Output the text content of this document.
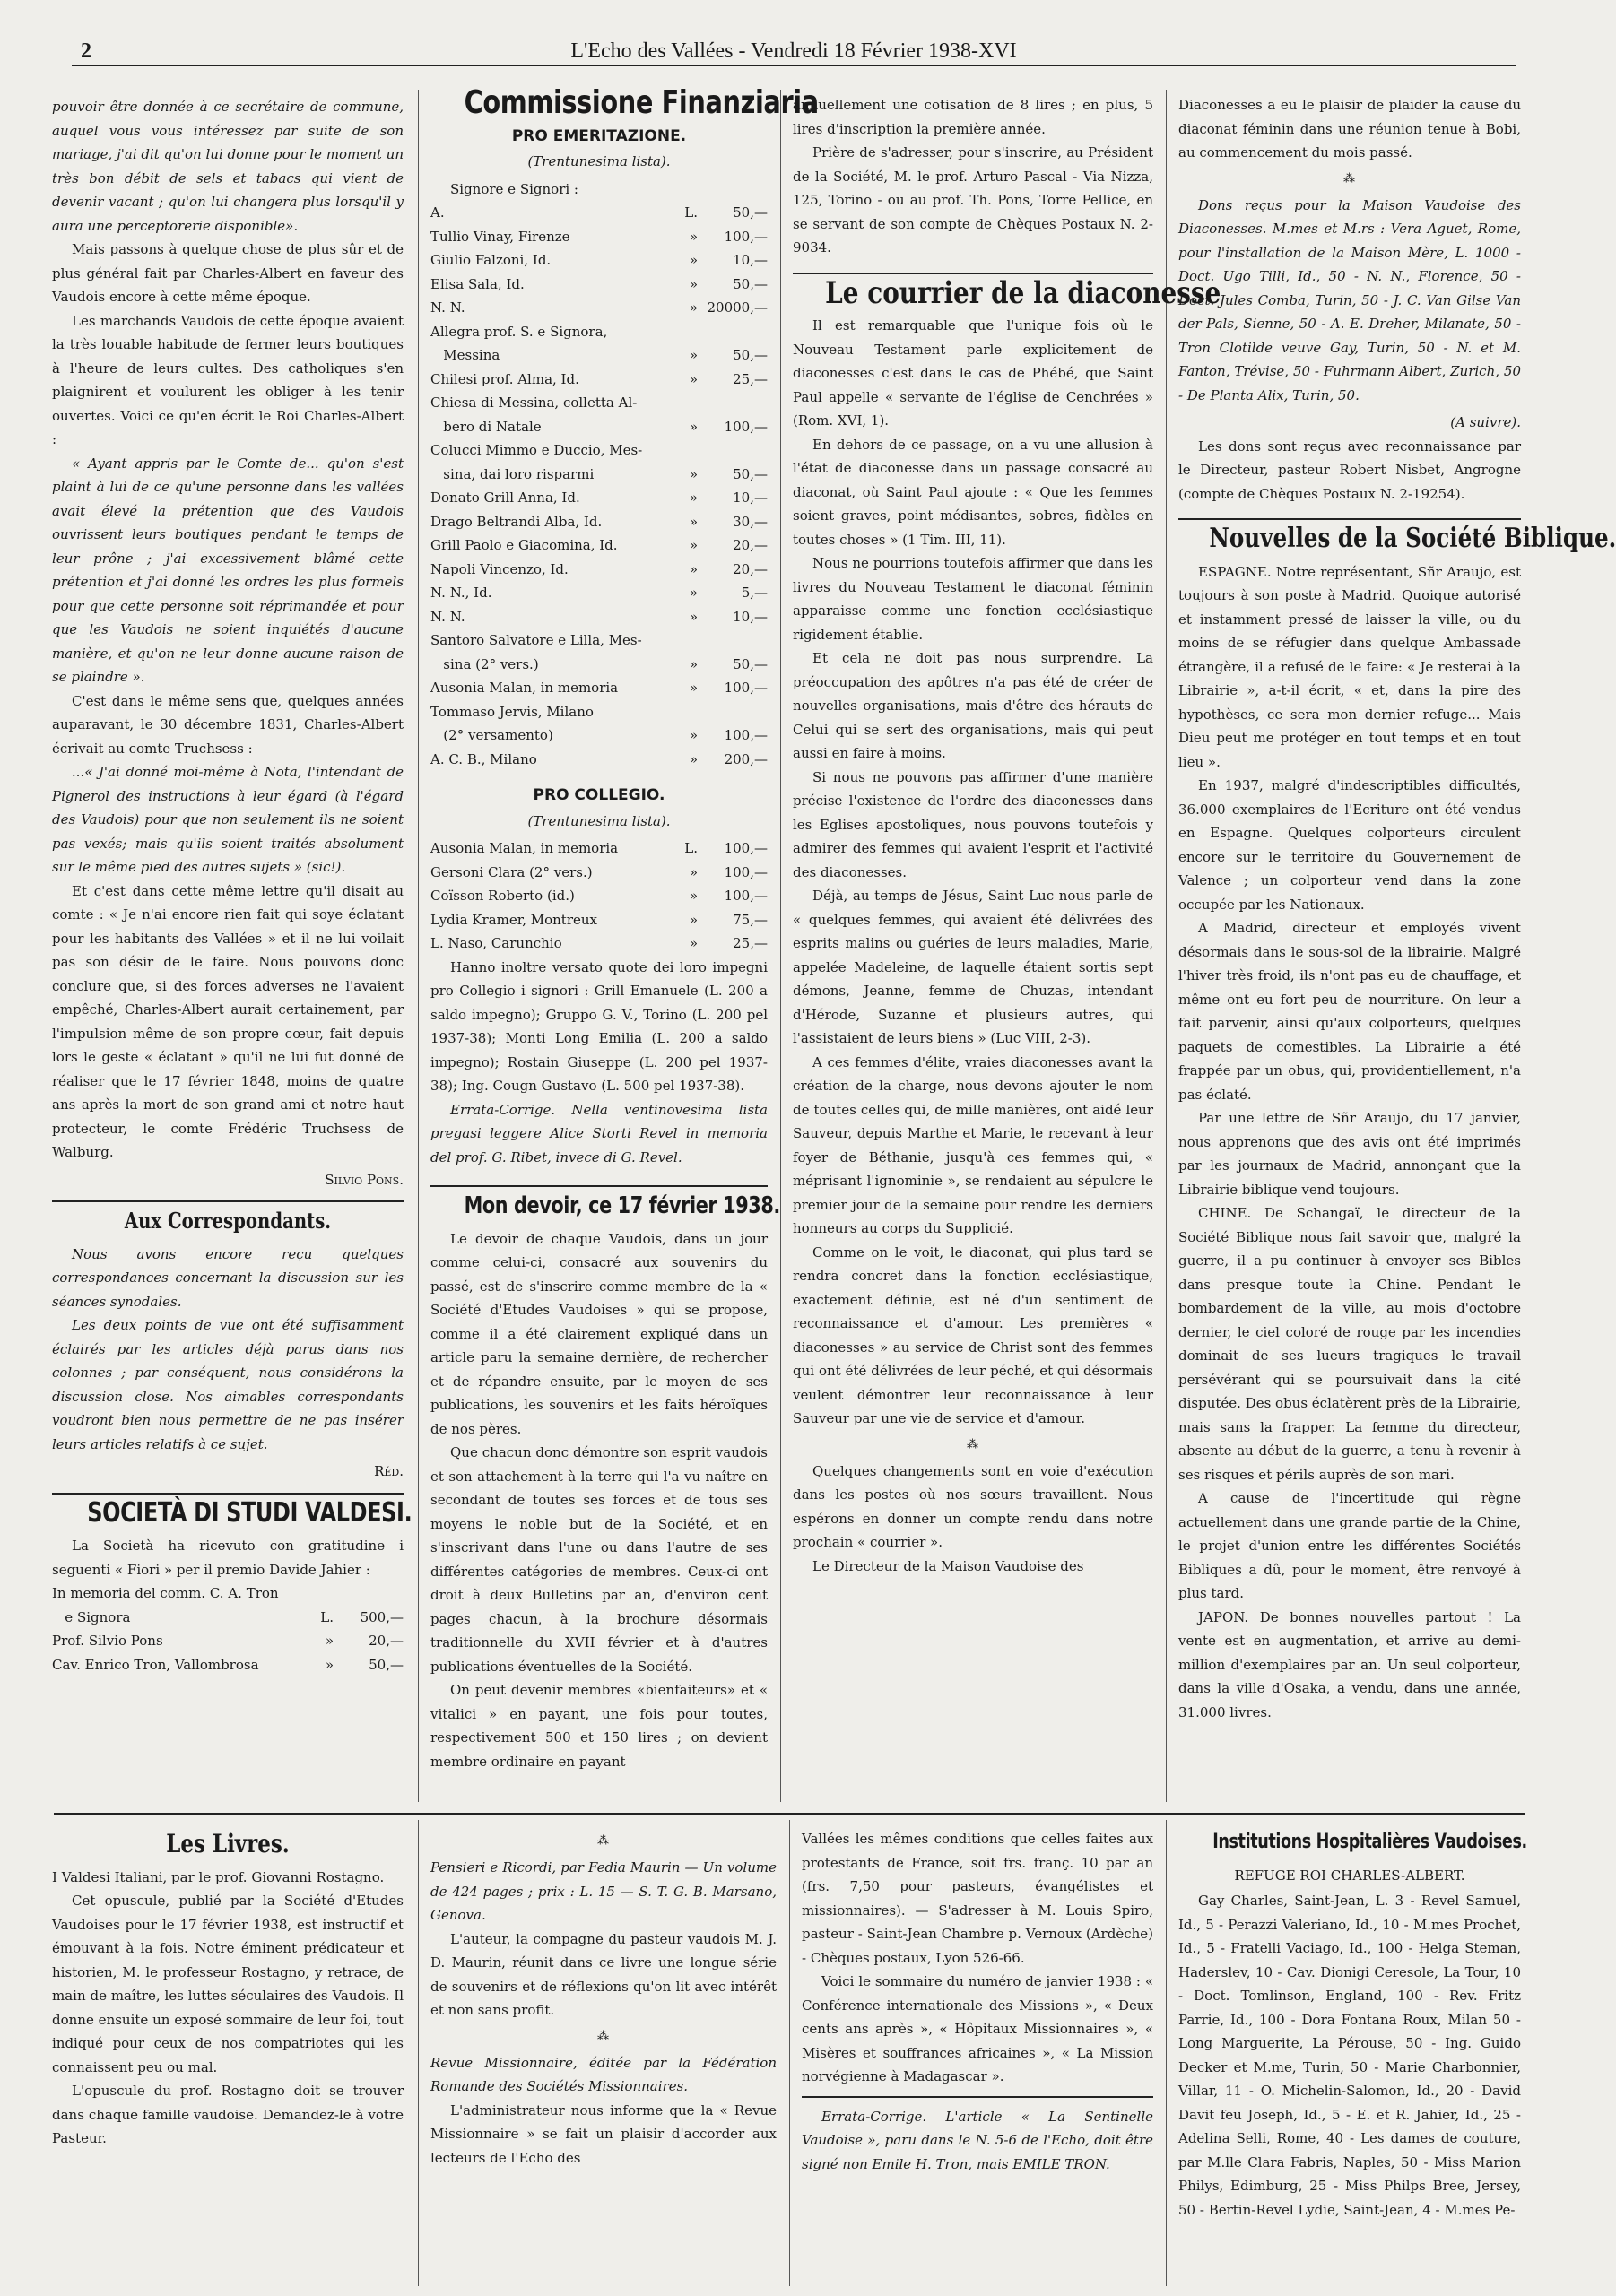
2	L'Echo des Vallées - Vendredi 18 Février 1938-XVI

pouvoir être donnée à ce secrétaire de commune, auquel vous vous intéressez par suite de son mariage, j'ai dit qu'on lui donne pour le moment un très bon débit de sels et tabacs qui vient de devenir vacant ; qu'on lui changera plus lorsqu'il y aura une perceptorerie disponible».

Mais passons à quelque chose de plus sûr et de plus général fait par Charles-Albert en faveur des Vaudois encore à cette même époque.

Les marchands Vaudois de cette époque avaient la très louable habitude de fermer leurs boutiques à l'heure de leurs cultes. Des catholiques s'en plaignirent et voulurent les obliger à les tenir ouvertes. Voici ce qu'en écrit le Roi Charles-Albert :

« Ayant appris par le Comte de... qu'on s'est plaint à lui de ce qu'une personne dans les vallées avait élevé la prétention que des Vaudois ouvrissent leurs boutiques pendant le temps de leur prône ; j'ai excessivement blâmé cette prétention et j'ai donné les ordres les plus formels pour que cette personne soit réprimandée et pour que les Vaudois ne soient inquiétés d'aucune manière, et qu'on ne leur donne aucune raison de se plaindre ».

C'est dans le même sens que, quelques années auparavant, le 30 décembre 1831, Charles-Albert écrivait au comte Truchsess :

...« J'ai donné moi-même à Nota, l'intendant de Pignerol des instructions à leur égard (à l'égard des Vaudois) pour que non seulement ils ne soient pas vexés; mais qu'ils soient traités absolument sur le même pied des autres sujets » (sic!).

Et c'est dans cette même lettre qu'il disait au comte : « Je n'ai encore rien fait qui soye éclatant pour les habitants des Vallées » et il ne lui voilait pas son désir de le faire. Nous pouvons donc conclure que, si des forces adverses ne l'avaient empêché, Charles-Albert aurait certainement, par l'impulsion même de son propre cœur, fait depuis lors le geste « éclatant » qu'il ne lui fut donné de réaliser que le 17 février 1848, moins de quatre ans après la mort de son grand ami et notre haut protecteur, le comte Frédéric Truchsess de Walburg.

Silvio Pons.

Aux Correspondants.

Nous avons encore reçu quelques correspondances concernant la discussion sur les séances synodales.

Les deux points de vue ont été suffisamment éclairés par les articles déjà parus dans nos colonnes ; par conséquent, nous considérons la discussion close. Nos aimables correspondants voudront bien nous permettre de ne pas insérer leurs articles relatifs à ce sujet.

Réd.

SOCIETÀ DI STUDI VALDESI.

La Società ha ricevuto con gratitudine i seguenti « Fiori » per il premio Davide Jahier :

In memoria del comm. C. A. Tron
e Signora	L.	500,—
Prof. Silvio Pons	»	20,—
Cav. Enrico Tron, Vallombrosa	»	50,—
Commissione Finanziaria
PRO EMERITAZIONE.
(Trentunesima lista).

Signore e Signori :

A.	L.	50,—
Tullio Vinay, Firenze	»	100,—
Giulio Falzoni, Id.	»	10,—
Elisa Sala, Id.	»	50,—
N. N.	» 20000,—
Allegra prof. S. e Signora,
Messina	»	50,—
Chilesi prof. Alma, Id.	»	25,—
Chiesa di Messina, colletta Al-
bero di Natale	»	100,—
Colucci Mimmo e Duccio, Mes-
sina, dai loro risparmi	»	50,—
Donato Grill Anna, Id.	»	10,—
Drago Beltrandi Alba, Id.	»	30,—
Grill Paolo e Giacomina, Id.	»	20,—
Napoli Vincenzo, Id.	»	20,—
N. N., Id.	»	5,—
N. N.	»	10,—
Santoro Salvatore e Lilla, Mes-
sina (2° vers.)	»	50,—
Ausonia Malan, in memoria	»	100,—
Tommaso Jervis, Milano
(2° versamento)	»	100,—
A. C. B., Milano	»	200,—
PRO COLLEGIO.
(Trentunesima lista).
Ausonia Malan, in memoria	L.	100,—
Gersoni Clara (2° vers.)	»	100,—
Coïsson Roberto (id.)	»	100,—
Lydia Kramer, Montreux	»	75,—
L. Naso, Carunchio	»	25,—

Hanno inoltre versato quote dei loro impegni pro Collegio i signori : Grill Emanuele (L. 200 a saldo impegno); Gruppo G. V., Torino (L. 200 pel 1937-38); Monti Long Emilia (L. 200 a saldo impegno); Rostain Giuseppe (L. 200 pel 1937-38); Ing. Cougn Gustavo (L. 500 pel 1937-38).

Errata-Corrige. Nella ventinovesima lista pregasi leggere Alice Storti Revel in memoria del prof. G. Ribet, invece di G. Revel.

Mon devoir, ce 17 février 1938.

Le devoir de chaque Vaudois, dans un jour comme celui-ci, consacré aux souvenirs du passé, est de s'inscrire comme membre de la « Société d'Etudes Vaudoises » qui se propose, comme il a été clairement expliqué dans un article paru la semaine dernière, de rechercher et de répandre ensuite, par le moyen de ses publications, les souvenirs et les faits héroïques de nos pères.

Que chacun donc démontre son esprit vaudois et son attachement à la terre qui l'a vu naître en secondant de toutes ses forces et de tous ses moyens le noble but de la Société, et en s'inscrivant dans l'une ou dans l'autre de ses différentes catégories de membres. Ceux-ci ont droit à deux Bulletins par an, d'environ cent pages chacun, à la brochure désormais traditionnelle du XVII février et à d'autres publications éventuelles de la Société.

On peut devenir membres «bienfaiteurs» et « vitalici » en payant, une fois pour toutes, respectivement 500 et 150 lires ; on devient membre ordinaire en payant

annuellement une cotisation de 8 lires ; en plus, 5 lires d'inscription la première année.

Prière de s'adresser, pour s'inscrire, au Président de la Société, M. le prof. Arturo Pascal - Via Nizza, 125, Torino - ou au prof. Th. Pons, Torre Pellice, en se servant de son compte de Chèques Postaux N. 2-9034.

Le courrier de la diaconesse

Il est remarquable que l'unique fois où le Nouveau Testament parle explicitement de diaconesses c'est dans le cas de Phébé, que Saint Paul appelle « servante de l'église de Cenchrées » (Rom. XVI, 1).

En dehors de ce passage, on a vu une allusion à l'état de diaconesse dans un passage consacré au diaconat, où Saint Paul ajoute : « Que les femmes soient graves, point médisantes, sobres, fidèles en toutes choses » (1 Tim. III, 11).

Nous ne pourrions toutefois affirmer que dans les livres du Nouveau Testament le diaconat féminin apparaisse comme une fonction ecclésiastique rigidement établie.

Et cela ne doit pas nous surprendre. La préoccupation des apôtres n'a pas été de créer de nouvelles organisations, mais d'être des hérauts de Celui qui se sert des organisations, mais qui peut aussi en faire à moins.

Si nous ne pouvons pas affirmer d'une manière précise l'existence de l'ordre des diaconesses dans les Eglises apostoliques, nous pouvons toutefois y admirer des femmes qui avaient l'esprit et l'activité des diaconesses.

Déjà, au temps de Jésus, Saint Luc nous parle de « quelques femmes, qui avaient été délivrées des esprits malins ou guéries de leurs maladies, Marie, appelée Madeleine, de laquelle étaient sortis sept démons, Jeanne, femme de Chuzas, intendant d'Hérode, Suzanne et plusieurs autres, qui l'assistaient de leurs biens » (Luc VIII, 2-3).

A ces femmes d'élite, vraies diaconesses avant la création de la charge, nous devons ajouter le nom de toutes celles qui, de mille manières, ont aidé leur Sauveur, depuis Marthe et Marie, le recevant à leur foyer de Béthanie, jusqu'à ces femmes qui, « méprisant l'ignominie », se rendaient au sépulcre le premier jour de la semaine pour rendre les derniers honneurs au corps du Supplicié.

Comme on le voit, le diaconat, qui plus tard se rendra concret dans la fonction ecclésiastique, exactement définie, est né d'un sentiment de reconnaissance et d'amour. Les premières « diaconesses » au service de Christ sont des femmes qui ont été délivrées de leur péché, et qui désormais veulent démontrer leur reconnaissance à leur Sauveur par une vie de service et d'amour.

⁂

Quelques changements sont en voie d'exécution dans les postes où nos sœurs travaillent. Nous espérons en donner un compte rendu dans notre prochain « courrier ».

Le Directeur de la Maison Vaudoise des

Diaconesses a eu le plaisir de plaider la cause du diaconat féminin dans une réunion tenue à Bobi, au commencement du mois passé.

⁂

Dons reçus pour la Maison Vaudoise des Diaconesses. M.mes et M.rs : Vera Aguet, Rome, pour l'installation de la Maison Mère, L. 1000 - Doct. Ugo Tilli, Id., 50 - N. N., Florence, 50 - Doct. Jules Comba, Turin, 50 - J. C. Van Gilse Van der Pals, Sienne, 50 - A. E. Dreher, Milanate, 50 - Tron Clotilde veuve Gay, Turin, 50 - N. et M. Fanton, Trévise, 50 - Fuhrmann Albert, Zurich, 50 - De Planta Alix, Turin, 50.

(A suivre).

Les dons sont reçus avec reconnaissance par le Directeur, pasteur Robert Nisbet, Angrogne (compte de Chèques Postaux N. 2-19254).

Nouvelles de la Société Biblique.

ESPAGNE. Notre représentant, Sñr Araujo, est toujours à son poste à Madrid. Quoique autorisé et instamment pressé de laisser la ville, ou du moins de se réfugier dans quelque Ambassade étrangère, il a refusé de le faire: « Je resterai à la Librairie », a-t-il écrit, « et, dans la pire des hypothèses, ce sera mon dernier refuge... Mais Dieu peut me protéger en tout temps et en tout lieu ».

En 1937, malgré d'indescriptibles difficultés, 36.000 exemplaires de l'Ecriture ont été vendus en Espagne. Quelques colporteurs circulent encore sur le territoire du Gouvernement de Valence ; un colporteur vend dans la zone occupée par les Nationaux.

A Madrid, directeur et employés vivent désormais dans le sous-sol de la librairie. Malgré l'hiver très froid, ils n'ont pas eu de chauffage, et même ont eu fort peu de nourriture. On leur a fait parvenir, ainsi qu'aux colporteurs, quelques paquets de comestibles. La Librairie a été frappée par un obus, qui, providentiellement, n'a pas éclaté.

Par une lettre de Sñr Araujo, du 17 janvier, nous apprenons que des avis ont été imprimés par les journaux de Madrid, annonçant que la Librairie biblique vend toujours.

CHINE. De Schangaï, le directeur de la Société Biblique nous fait savoir que, malgré la guerre, il a pu continuer à envoyer ses Bibles dans presque toute la Chine. Pendant le bombardement de la ville, au mois d'octobre dernier, le ciel coloré de rouge par les incendies dominait de ses lueurs tragiques le travail persévérant qui se poursuivait dans la cité disputée. Des obus éclatèrent près de la Librairie, mais sans la frapper. La femme du directeur, absente au début de la guerre, a tenu à revenir à ses risques et périls auprès de son mari.

A cause de l'incertitude qui règne actuellement dans une grande partie de la Chine, le projet d'union entre les différentes Sociétés Bibliques a dû, pour le moment, être renvoyé à plus tard.

JAPON. De bonnes nouvelles partout ! La vente est en augmentation, et arrive au demi-million d'exemplaires par an. Un seul colporteur, dans la ville d'Osaka, a vendu, dans une année, 31.000 livres.

Les Livres.

I Valdesi Italiani, par le prof. Giovanni Rostagno.

Cet opuscule, publié par la Société d'Etudes Vaudoises pour le 17 février 1938, est instructif et émouvant à la fois. Notre éminent prédicateur et historien, M. le professeur Rostagno, y retrace, de main de maître, les luttes séculaires des Vaudois. Il donne ensuite un exposé sommaire de leur foi, tout indiqué pour ceux de nos compatriotes qui les connaissent peu ou mal.

L'opuscule du prof. Rostagno doit se trouver dans chaque famille vaudoise. Demandez-le à votre Pasteur.

⁂

Pensieri e Ricordi, par Fedia Maurin — Un volume de 424 pages ; prix : L. 15 — S. T. G. B. Marsano, Genova.

L'auteur, la compagne du pasteur vaudois M. J. D. Maurin, réunit dans ce livre une longue série de souvenirs et de réflexions qu'on lit avec intérêt et non sans profit.

⁂

Revue Missionnaire, éditée par la Fédération Romande des Sociétés Missionnaires.

L'administrateur nous informe que la « Revue Missionnaire » se fait un plaisir d'accorder aux lecteurs de l'Echo des

Vallées les mêmes conditions que celles faites aux protestants de France, soit frs. franç. 10 par an (frs. 7,50 pour pasteurs, évangélistes et missionnaires). — S'adresser à M. Louis Spiro, pasteur - Saint-Jean Chambre p. Vernoux (Ardèche) - Chèques postaux, Lyon 526-66.

Voici le sommaire du numéro de janvier 1938 : « Conférence internationale des Missions », « Deux cents ans après », « Hôpitaux Missionnaires », « Misères et souffrances africaines », « La Mission norvégienne à Madagascar ».

Errata-Corrige. L'article « La Sentinelle Vaudoise », paru dans le N. 5-6 de l'Echo, doit être signé non Emile H. Tron, mais EMILE TRON.

Institutions Hospitalières Vaudoises.
REFUGE ROI CHARLES-ALBERT.

Gay Charles, Saint-Jean, L. 3 - Revel Samuel, Id., 5 - Perazzi Valeriano, Id., 10 - M.mes Prochet, Id., 5 - Fratelli Vaciago, Id., 100 - Helga Steman, Haderslev, 10 - Cav. Dionigi Ceresole, La Tour, 10 - Doct. Tomlinson, England, 100 - Rev. Fritz Parrie, Id., 100 - Dora Fontana Roux, Milan 50 - Long Marguerite, La Pérouse, 50 - Ing. Guido Decker et M.me, Turin, 50 - Marie Charbonnier, Villar, 11 - O. Michelin-Salomon, Id., 20 - David Davit feu Joseph, Id., 5 - E. et R. Jahier, Id., 25 - Adelina Selli, Rome, 40 - Les dames de couture, par M.lle Clara Fabris, Naples, 50 - Miss Marion Philys, Edimburg, 25 - Miss Philps Bree, Jersey, 50 - Bertin-Revel Lydie, Saint-Jean, 4 - M.mes Pe-
